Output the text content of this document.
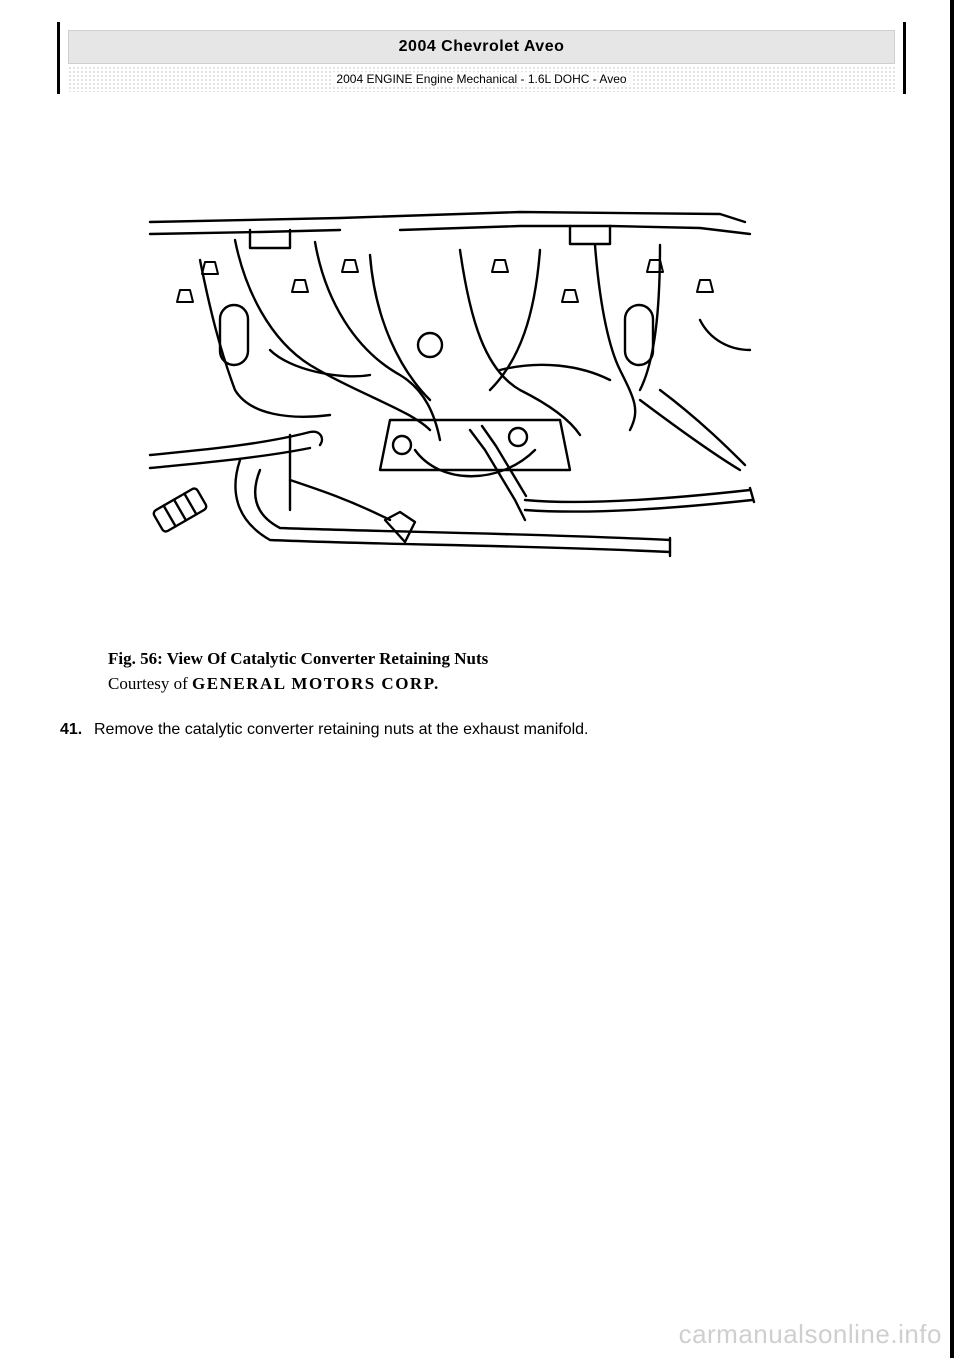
2004 Chevrolet Aveo
2004 ENGINE Engine Mechanical - 1.6L DOHC - Aveo
Fig. 56: View Of Catalytic Converter Retaining Nuts
Courtesy of GENERAL MOTORS CORP.
41. Remove the catalytic converter retaining nuts at the exhaust manifold.
carmanualsonline.info
